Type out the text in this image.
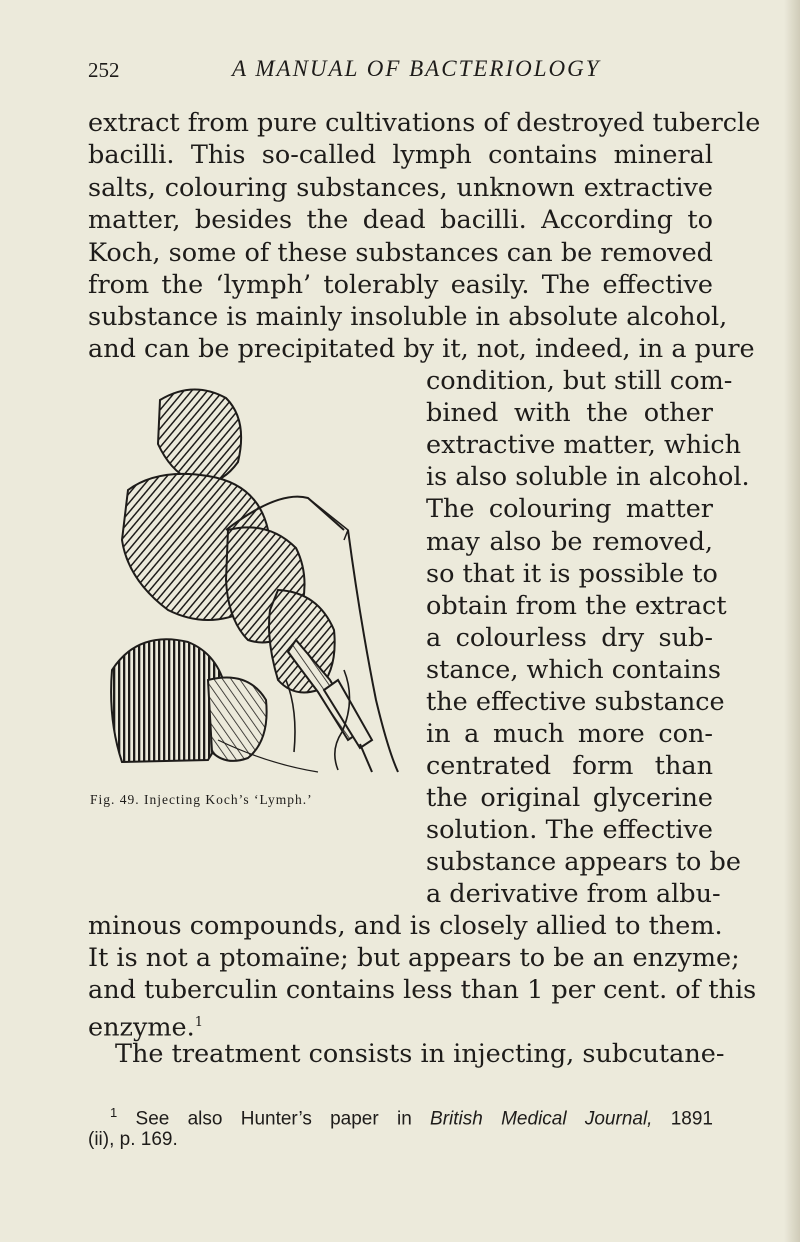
252	A MANUAL OF BACTERIOLOGY
extract from pure cultivations of destroyed tubercle
bacilli. This so-called lymph contains mineral
salts, colouring substances, unknown extractive
matter, besides the dead bacilli. According to
Koch, some of these substances can be removed
from the ‘lymph’ tolerably easily. The effective
substance is mainly insoluble in absolute alcohol,
and can be precipitated by it, not, indeed, in a pure
condition, but still com-
bined with the other
extractive matter, which
is also soluble in alcohol.
The colouring matter
may also be removed,
so that it is possible to
obtain from the extract
a colourless dry sub-
stance, which contains
the effective substance
in a much more con-
centrated form than
the original glycerine
solution. The effective
substance appears to be
a derivative from albu-
Fig. 49. Injecting Koch’s ‘Lymph.’
minous compounds, and is closely allied to them.
It is not a ptomaïne; but appears to be an enzyme;
and tuberculin contains less than 1 per cent. of this
enzyme.$^1$
The treatment consists in injecting, subcutane-
$^1$ See also Hunter’s paper in British Medical Journal, 1891
(ii), p. 169.
